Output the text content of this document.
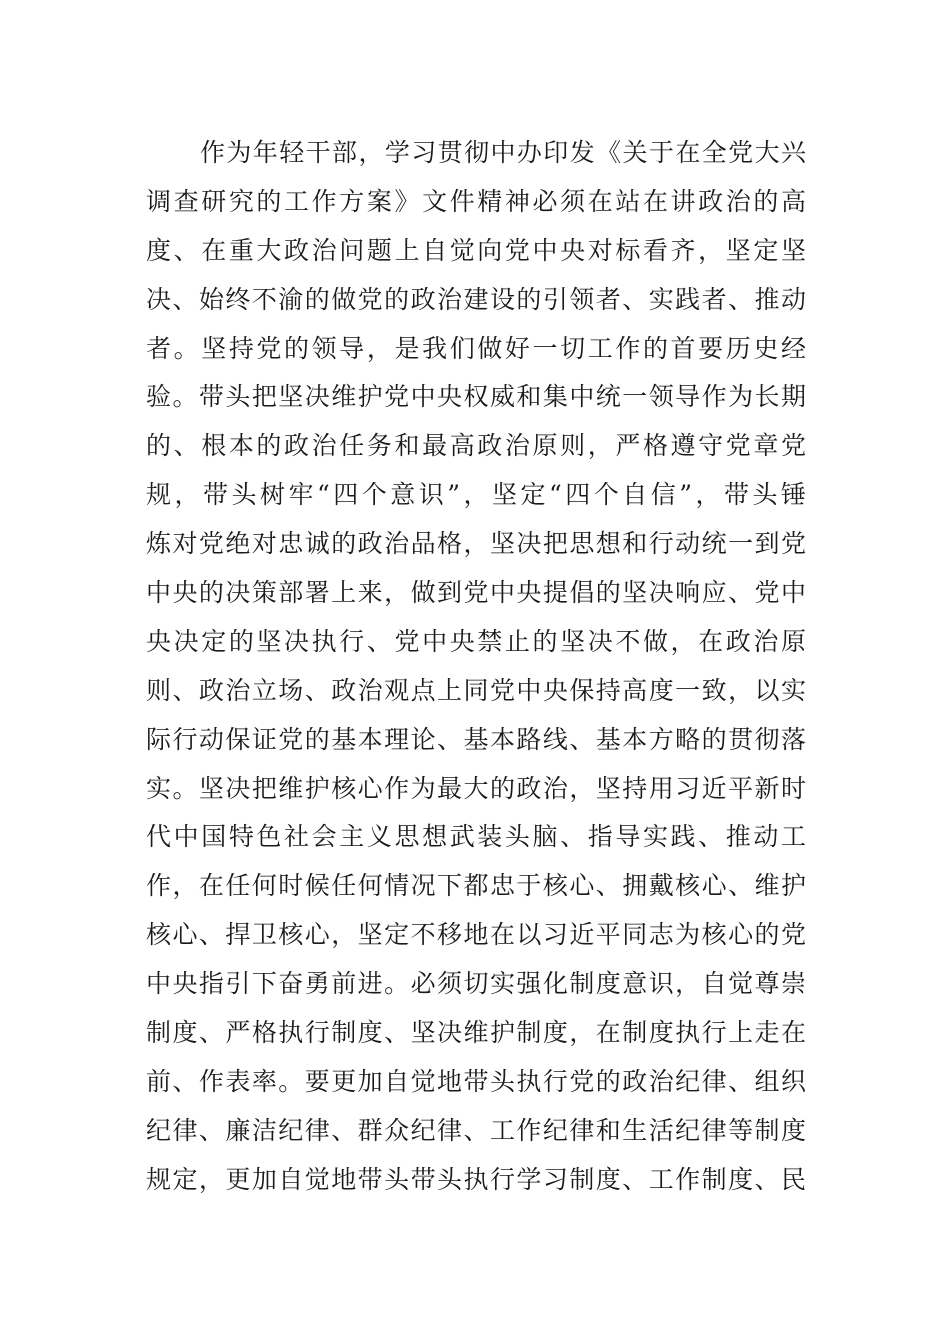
作为年轻干部，学习贯彻中办印发《关于在全党大兴
调查研究的工作方案》文件精神必须在站在讲政治的高
度、在重大政治问题上自觉向党中央对标看齐，坚定坚
决、始终不渝的做党的政治建设的引领者、实践者、推动
者。坚持党的领导，是我们做好一切工作的首要历史经
验。带头把坚决维护党中央权威和集中统一领导作为长期
的、根本的政治任务和最高政治原则，严格遵守党章党
规，带头树牢“四个意识”，坚定“四个自信”，带头锤
炼对党绝对忠诚的政治品格，坚决把思想和行动统一到党
中央的决策部署上来，做到党中央提倡的坚决响应、党中
央决定的坚决执行、党中央禁止的坚决不做，在政治原
则、政治立场、政治观点上同党中央保持高度一致，以实
际行动保证党的基本理论、基本路线、基本方略的贯彻落
实。坚决把维护核心作为最大的政治，坚持用习近平新时
代中国特色社会主义思想武装头脑、指导实践、推动工
作，在任何时候任何情况下都忠于核心、拥戴核心、维护
核心、捍卫核心，坚定不移地在以习近平同志为核心的党
中央指引下奋勇前进。必须切实强化制度意识，自觉尊崇
制度、严格执行制度、坚决维护制度，在制度执行上走在
前、作表率。要更加自觉地带头执行党的政治纪律、组织
纪律、廉洁纪律、群众纪律、工作纪律和生活纪律等制度
规定，更加自觉地带头带头执行学习制度、工作制度、民
